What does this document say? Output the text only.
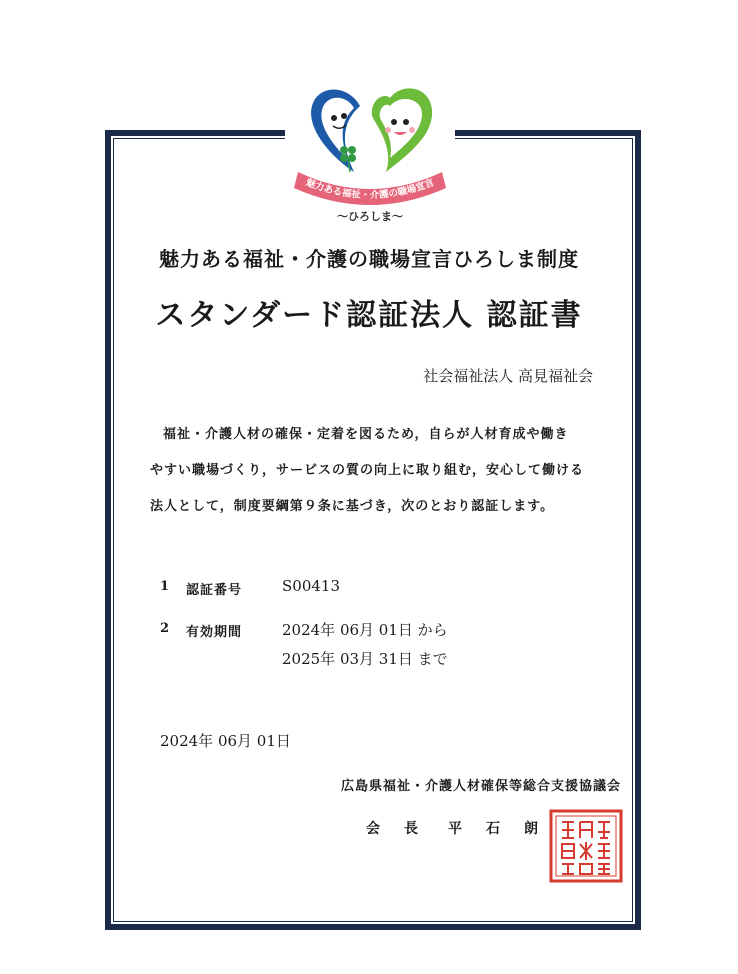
魅力ある福祉・介護の職場宣言
〜ひろしま〜
魅力ある福祉・介護の職場宣言ひろしま制度
スタンダード認証法人 認証書
社会福祉法人 高見福祉会
福祉・介護人材の確保・定着を図るため，自らが人材育成や働き
やすい職場づくり，サービスの質の向上に取り組む，安心して働ける
法人として，制度要綱第９条に基づき，次のとおり認証します。
1 認証番号	S00413
2 有効期間	2024年 06月 01日 から
2025年 03月 31日 まで
2024年 06月 01日
広島県福祉・介護人材確保等総合支援協議会
会長 平石朗
